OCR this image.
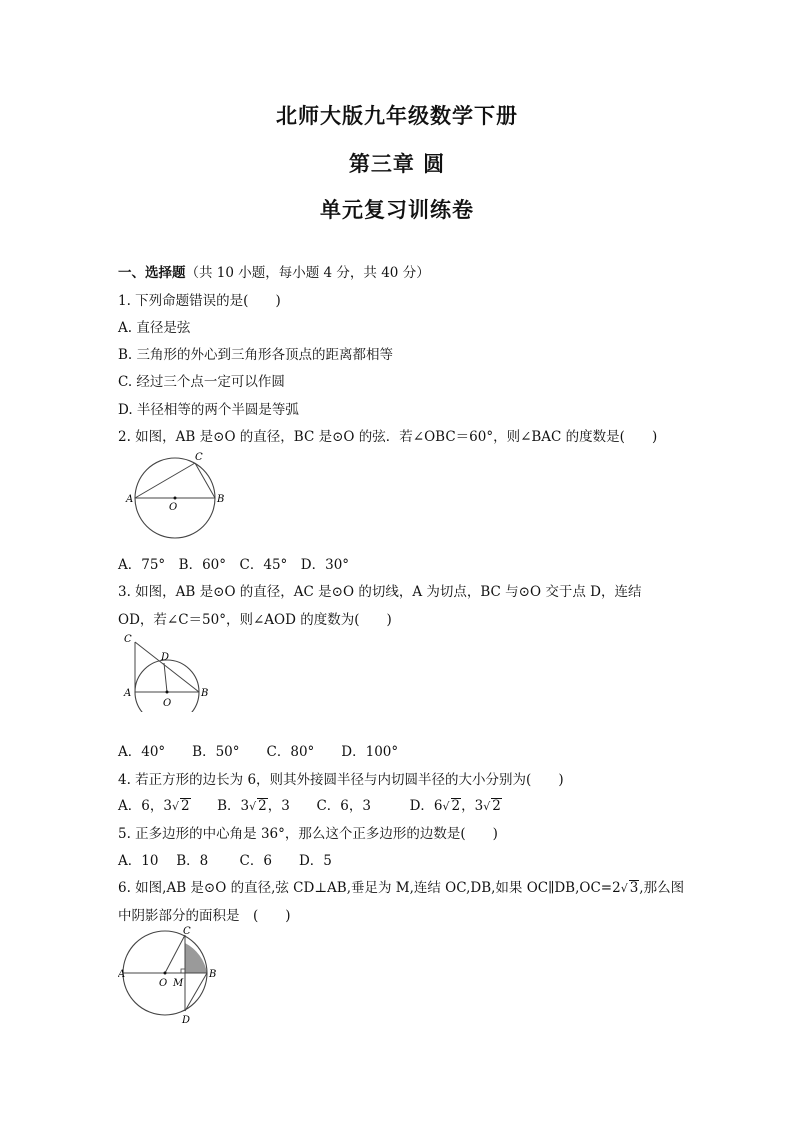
北师大版九年级数学下册
第三章 圆
单元复习训练卷
一、选择题（共 10 小题，每小题 4 分，共 40 分）
1. 下列命题错误的是(　　)
A. 直径是弦
B. 三角形的外心到三角形各顶点的距离都相等
C. 经过三个点一定可以作圆
D. 半径相等的两个半圆是等弧
2. 如图，AB 是⊙O 的直径，BC 是⊙O 的弦．若∠OBC＝60°，则∠BAC 的度数是(　　)
A	B
C
O
A．75°　B．60°　C．45°　D．30°
3. 如图，AB 是⊙O 的直径，AC 是⊙O 的切线，A 为切点，BC 与⊙O 交于点 D，连结
OD，若∠C＝50°，则∠AOD 的度数为(　　)
C
D
A	B
O
A．40°　　B．50°　　C．80°　　D．100°
4. 若正方形的边长为 6，则其外接圆半径与内切圆半径的大小分别为(　　)
A．6，3√ 2 B．3√ 2，3 C．6，3	D．6√ 2，3√ 2
5. 正多边形的中心角是 36°，那么这个正多边形的边数是(　　)
A．10　 B．8　　 C．6　　D．5
6. 如图,AB 是⊙O 的直径,弦 CD⊥AB,垂足为 M,连结 OC,DB,如果 OC∥DB,OC=2√ 3,那么图
中阴影部分的面积是　(　　)
C
A	B
O M
D
